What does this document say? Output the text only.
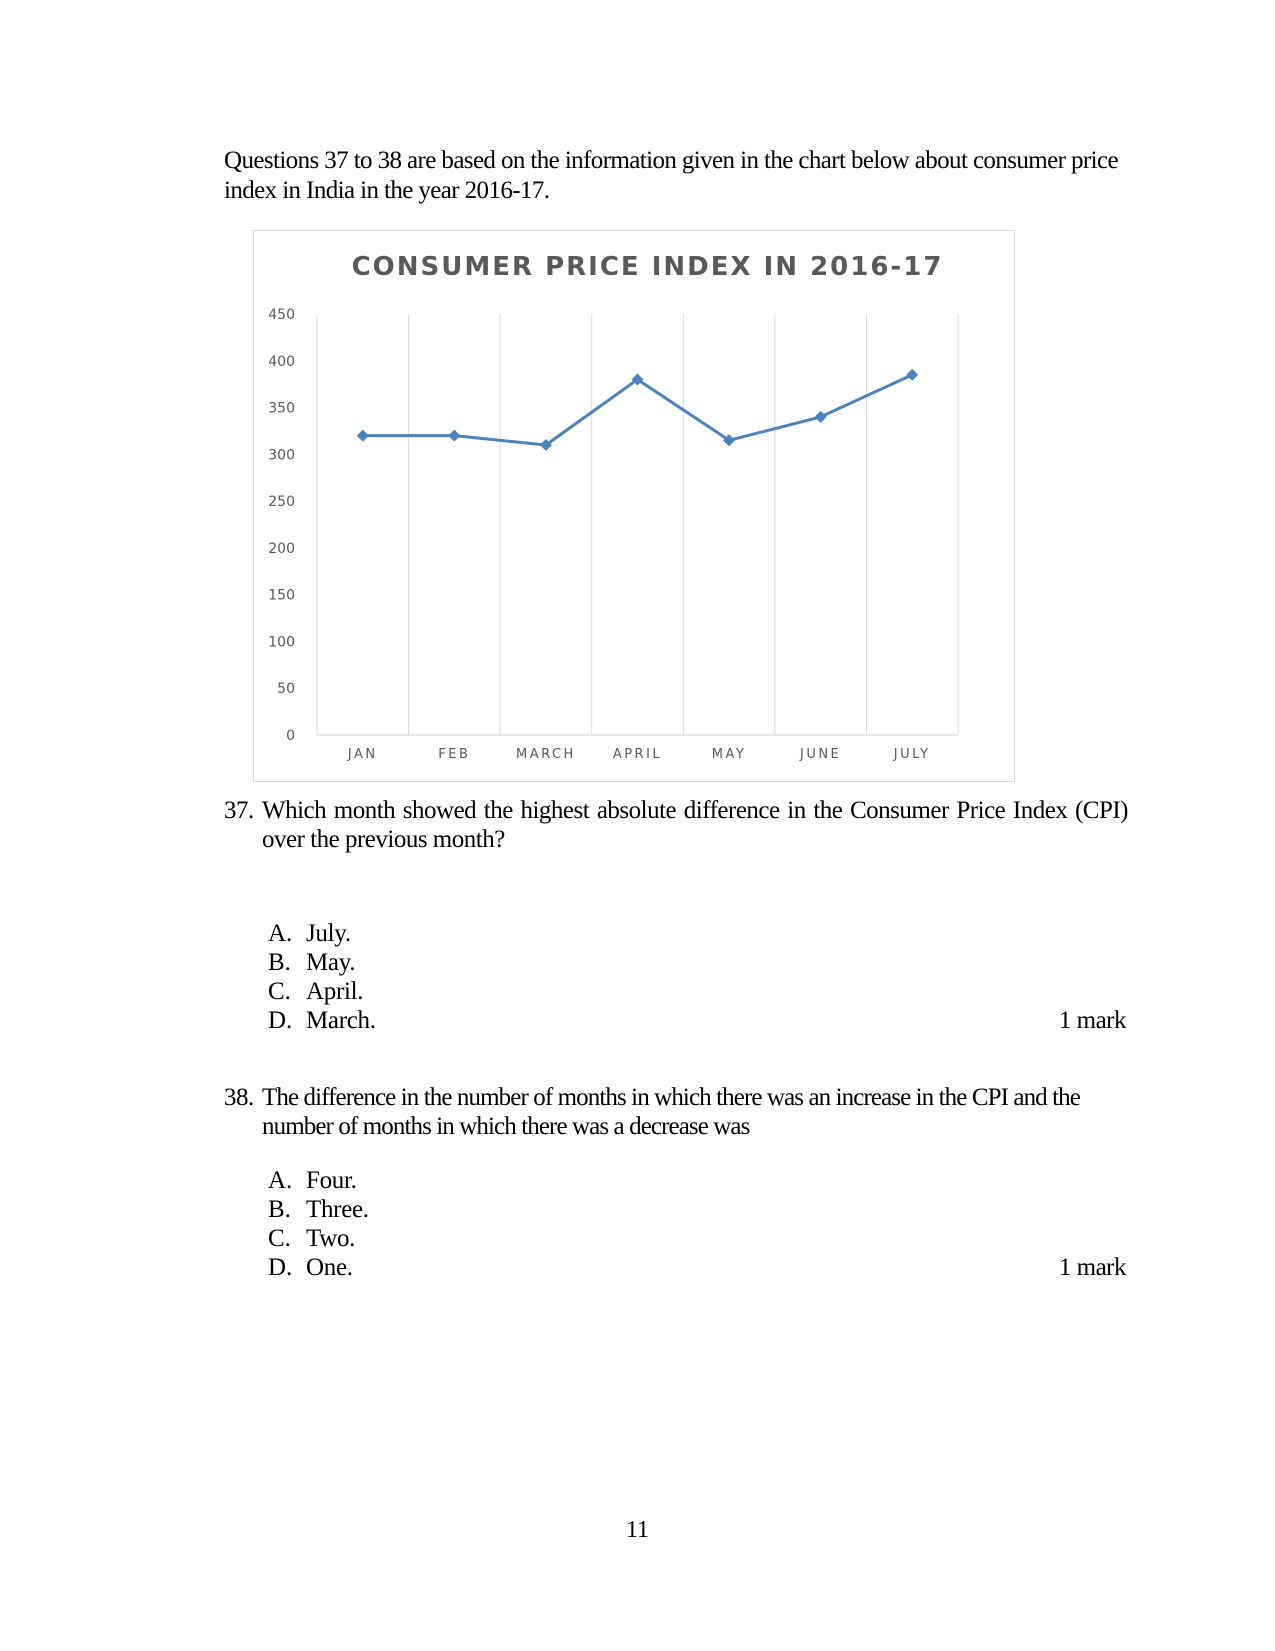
Questions 37 to 38 are based on the information given in the chart below about consumer price index in India in the year 2016-17.
CONSUMER PRICE INDEX IN 2016-17
0
50
100
150
200
250
300
350
400
450
JAN	FEB	MARCH	APRIL	MAY	JUNE	JULY
37. Which month showed the highest absolute difference in the Consumer Price Index (CPI) over the previous month?
A. July.
B. May.
C. April.
D. March.	1 mark
38. The difference in the number of months in which there was an increase in the CPI and the number of months in which there was a decrease was
A. Four.
B. Three.
C. Two.
D. One.	1 mark
11
